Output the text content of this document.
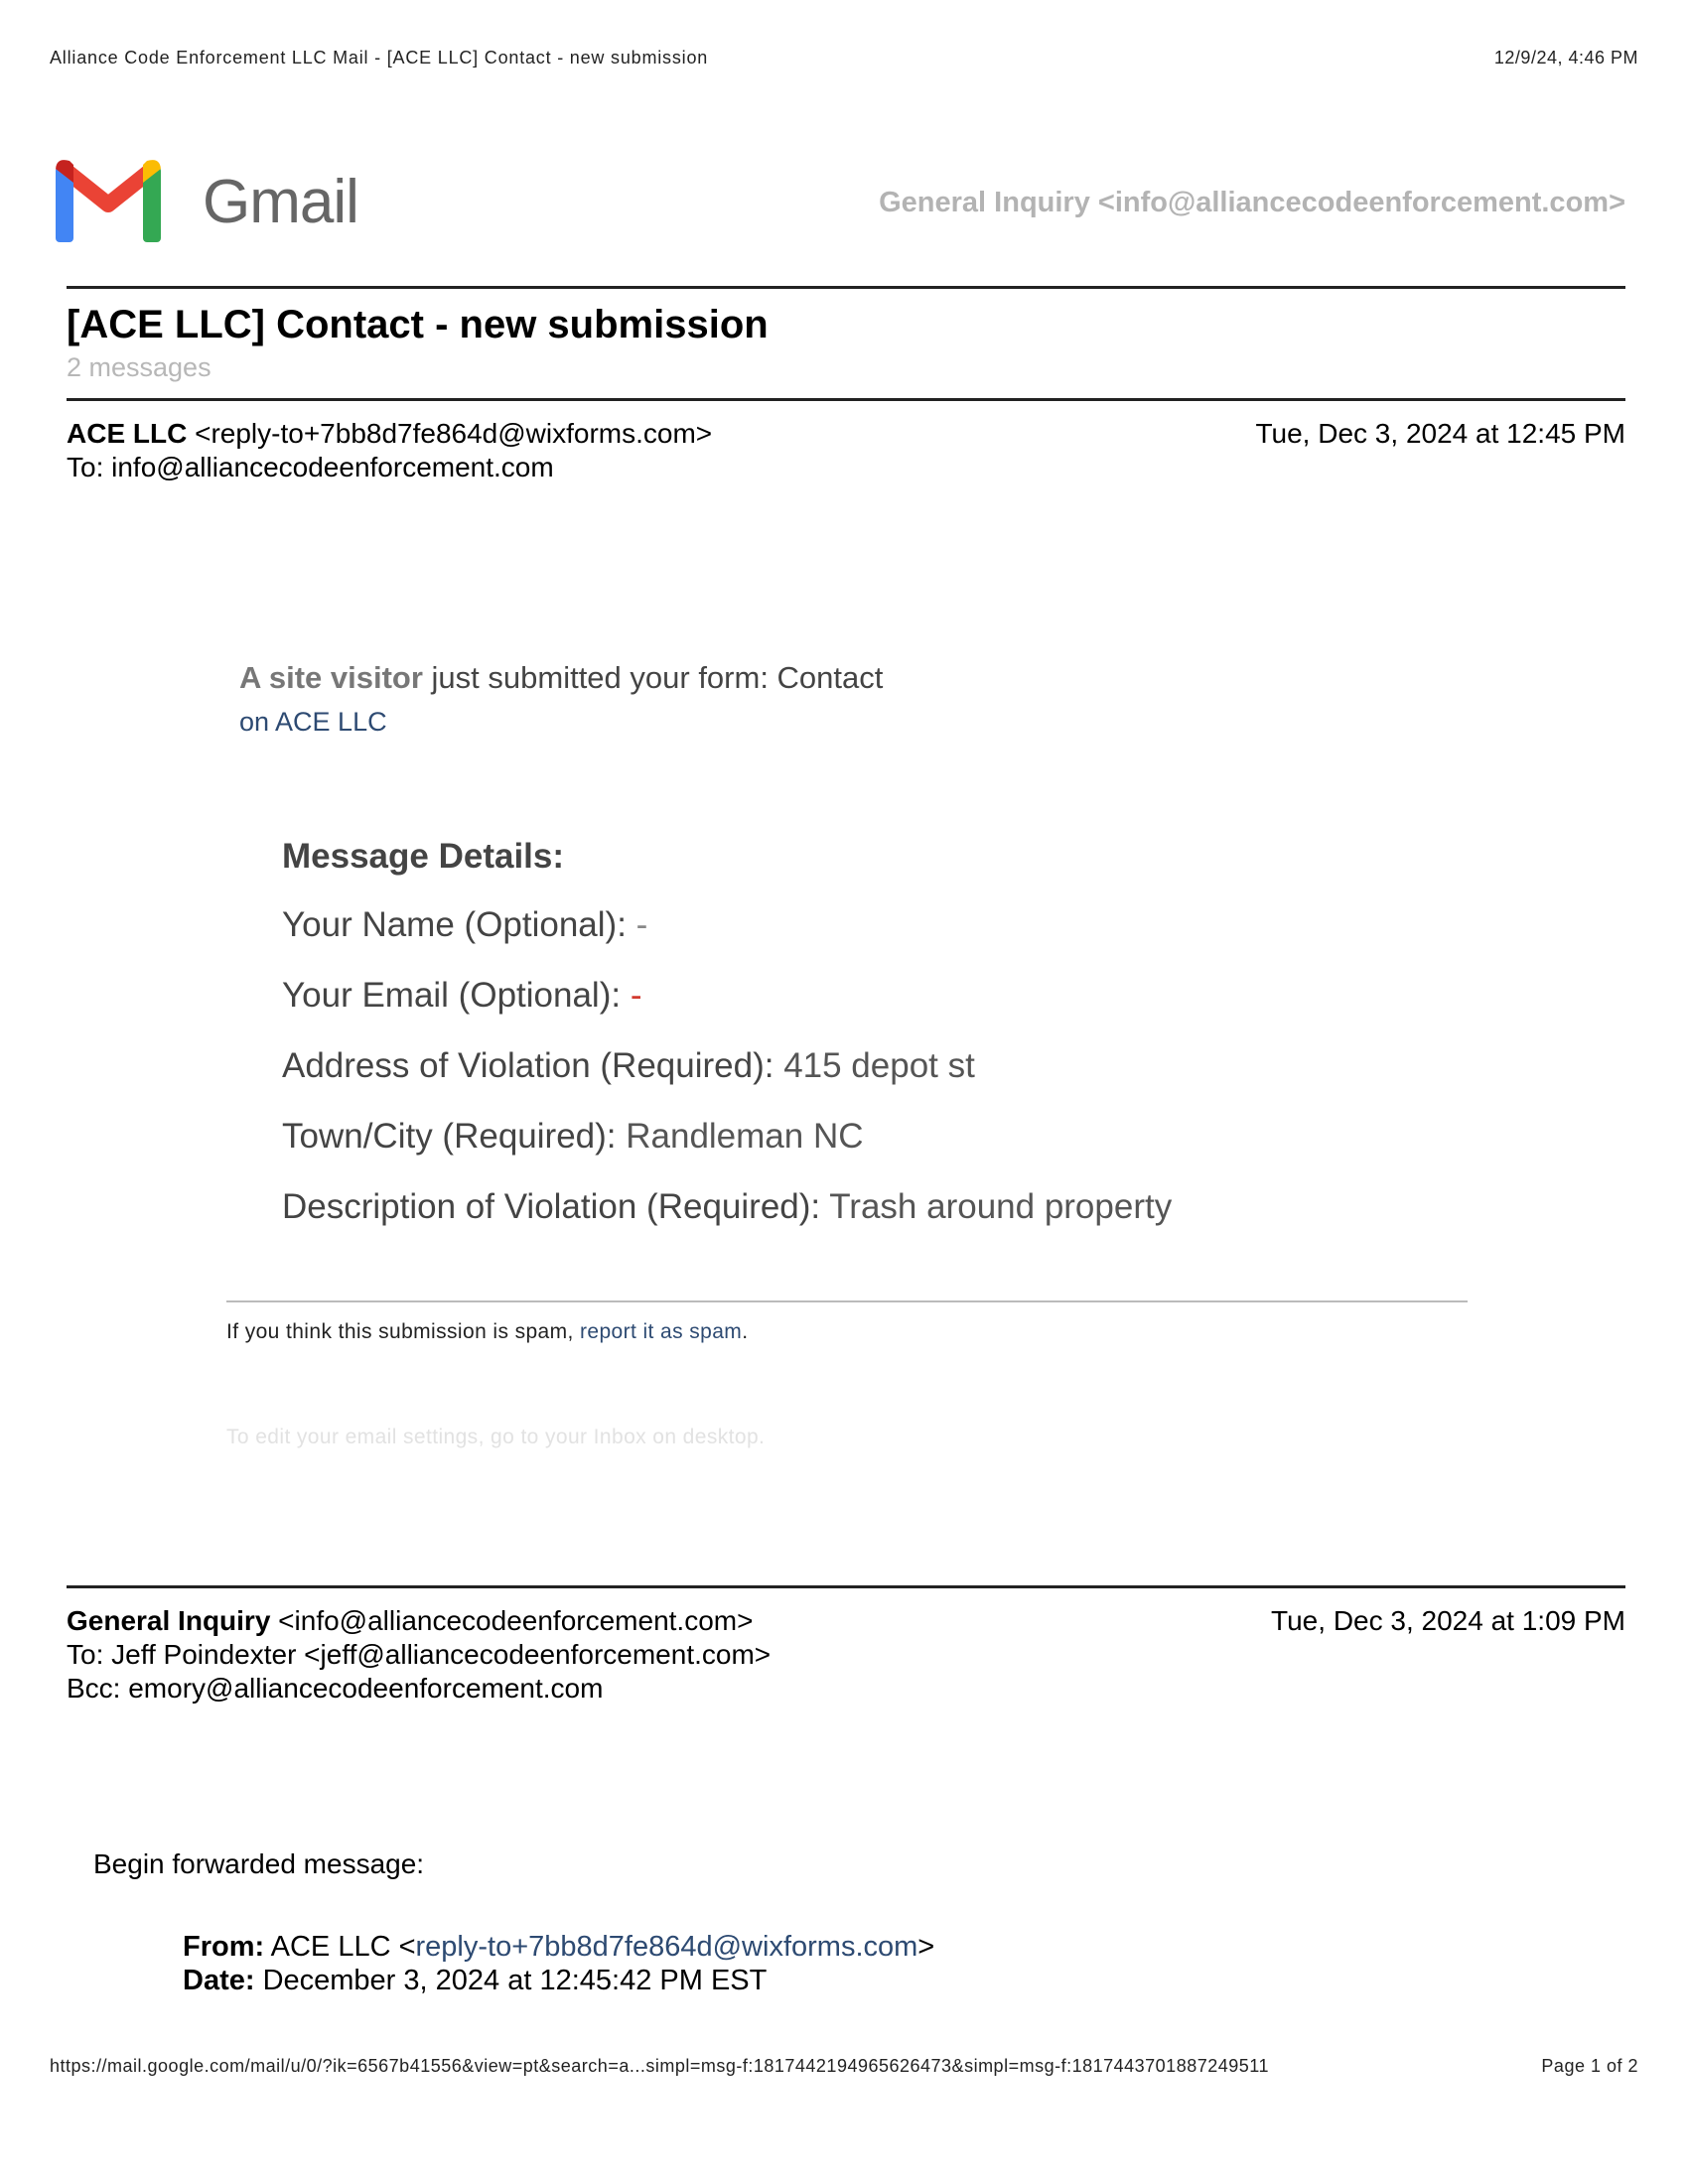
Alliance Code Enforcement LLC Mail - [ACE LLC] Contact - new submission	12/9/24, 4:46 PM
Gmail	General Inquiry <info@alliancecodeenforcement.com>
[ACE LLC] Contact - new submission
2 messages
ACE LLC <reply-to+7bb8d7fe864d@wixforms.com>	Tue, Dec 3, 2024 at 12:45 PM
To: info@alliancecodeenforcement.com
A site visitor just submitted your form: Contact
on ACE LLC
Message Details:
Your Name (Optional): -
Your Email (Optional): -
Address of Violation (Required): 415 depot st
Town/City (Required): Randleman NC
Description of Violation (Required): Trash around property
If you think this submission is spam, report it as spam.
To edit your email settings, go to your Inbox on desktop.
General Inquiry <info@alliancecodeenforcement.com>	Tue, Dec 3, 2024 at 1:09 PM
To: Jeff Poindexter <jeff@alliancecodeenforcement.com>
Bcc: emory@alliancecodeenforcement.com
Begin forwarded message:
From: ACE LLC <reply-to+7bb8d7fe864d@wixforms.com>
Date: December 3, 2024 at 12:45:42 PM EST
https://mail.google.com/mail/u/0/?ik=6567b41556&view=pt&search=a...simpl=msg-f:1817442194965626473&simpl=msg-f:1817443701887249511	Page 1 of 2
